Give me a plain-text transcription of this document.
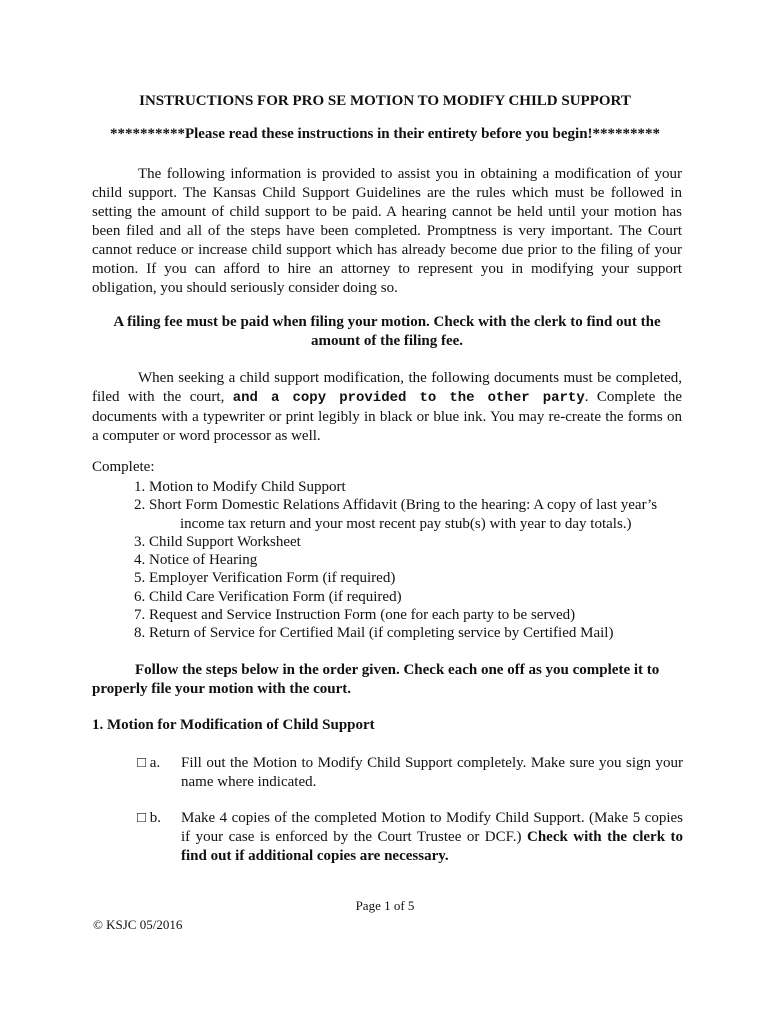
INSTRUCTIONS FOR PRO SE MOTION TO MODIFY CHILD SUPPORT
**********Please read these instructions in their entirety before you begin!*********

The following information is provided to assist you in obtaining a modification of your child support. The Kansas Child Support Guidelines are the rules which must be followed in setting the amount of child support to be paid. A hearing cannot be held until your motion has been filed and all of the steps have been completed. Promptness is very important. The Court cannot reduce or increase child support which has already become due prior to the filing of your motion. If you can afford to hire an attorney to represent you in modifying your support obligation, you should seriously consider doing so.

A filing fee must be paid when filing your motion. Check with the clerk to find out the amount of the filing fee.

When seeking a child support modification, the following documents must be completed, filed with the court, and a copy provided to the other party. Complete the documents with a typewriter or print legibly in black or blue ink. You may re-create the forms on a computer or word processor as well.

Complete:
1. Motion to Modify Child Support
2. Short Form Domestic Relations Affidavit (Bring to the hearing: A copy of last year’s
income tax return and your most recent pay stub(s) with year to day totals.)
3. Child Support Worksheet
4. Notice of Hearing
5. Employer Verification Form (if required)
6. Child Care Verification Form (if required)
7. Request and Service Instruction Form (one for each party to be served)
8. Return of Service for Certified Mail (if completing service by Certified Mail)

Follow the steps below in the order given. Check each one off as you complete it to properly file your motion with the court.

1. Motion for Modification of Child Support
□ a.	Fill out the Motion to Modify Child Support completely. Make sure you sign your name where indicated.
□ b.	Make 4 copies of the completed Motion to Modify Child Support. (Make 5 copies if your case is enforced by the Court Trustee or DCF.) Check with the clerk to find out if additional copies are necessary.
Page 1 of 5
© KSJC 05/2016
